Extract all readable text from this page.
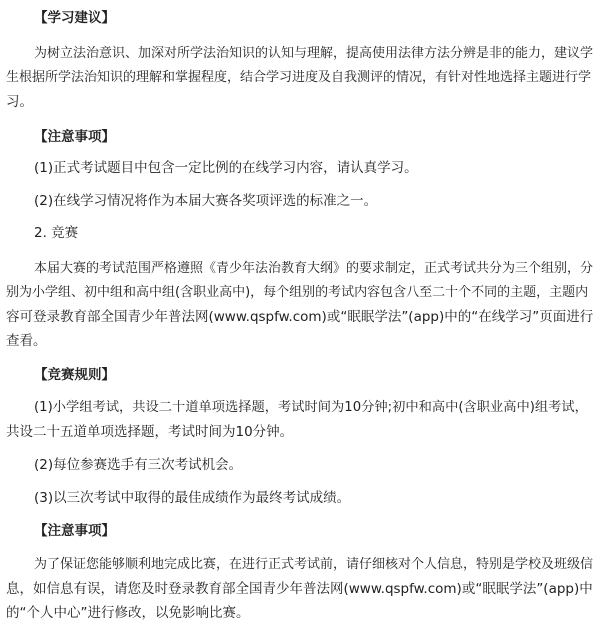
【学习建议】
为树立法治意识、加深对所学法治知识的认知与理解，提高使用法律方法分辨是非的能力，建议学
生根据所学法治知识的理解和掌握程度，结合学习进度及自我测评的情况，有针对性地选择主题进行学
习。
【注意事项】
(1)正式考试题目中包含一定比例的在线学习内容，请认真学习。
(2)在线学习情况将作为本届大赛各奖项评选的标准之一。
2. 竞赛
本届大赛的考试范围严格遵照《青少年法治教育大纲》的要求制定，正式考试共分为三个组别，分
别为小学组、初中组和高中组(含职业高中)，每个组别的考试内容包含八至二十个不同的主题，主题内
容可登录教育部全国青少年普法网(www.qspfw.com)或“眠眠学法”(app)中的“在线学习”页面进行
查看。
【竞赛规则】
(1)小学组考试，共设二十道单项选择题，考试时间为10分钟;初中和高中(含职业高中)组考试，
共设二十五道单项选择题，考试时间为10分钟。
(2)每位参赛选手有三次考试机会。
(3)以三次考试中取得的最佳成绩作为最终考试成绩。
【注意事项】
为了保证您能够顺利地完成比赛，在进行正式考试前，请仔细核对个人信息，特别是学校及班级信
息，如信息有误，请您及时登录教育部全国青少年普法网(www.qspfw.com)或“眠眠学法”(app)中
的“个人中心”进行修改，以免影响比赛。
